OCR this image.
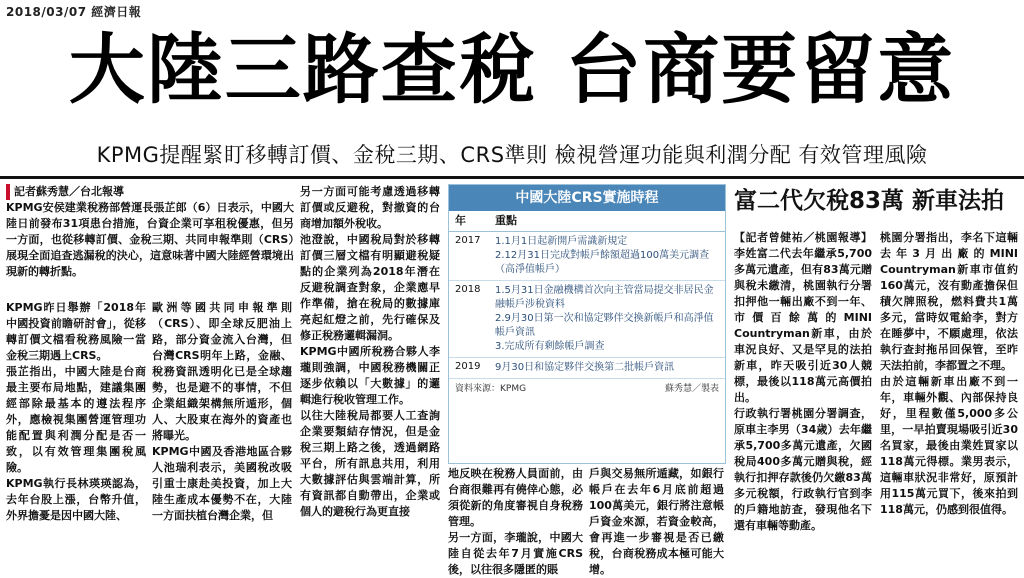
2018/03/07 經濟日報
大陸三路查稅 台商要留意
KPMG提醒緊盯移轉訂價、金稅三期、CRS準則 檢視營運功能與利潤分配 有效管理風險
記者蘇秀慧／台北報導
KPMG安侯建業稅務部營運長張芷郎（6）日表示，中國大陸日前發布31項患台措施，台資企業可享租稅優惠，但另一方面，也從移轉訂價、金稅三期、共同申報準則（CRS）展現全面追查逃漏稅的決心，這意味著中國大陸經營環境出現新的轉折點。
KPMG昨日舉辦「2018年中國投資前瞻研討會」，從移轉訂價文檔看稅務風險一當金稅三期遇上CRS。
張芷指出，中國大陸是台商最主要布局地點，建議集團經部除最基本的遵法程序外，應檢視集團營運管理功能配置與利潤分配是否一致，以有效管理集團稅風險。
KPMG執行長林瑛瑛認為，去年台股上漲，台幣升值，外界擔憂是因中國大陸、
歐洲等國共同申報準則（CRS）、即全球反肥油上路，部分資金流入台灣，但台灣CRS明年上路，金融、稅務資訊透明化已是全球趨勢，也是避不的事情，不但企業組織架構無所遁形，個人、大股東在海外的資產也將曝光。
KPMG中國及香港地區合夥人池瑞利表示，美國稅改吸引重士康赴美投資，加上大陸生產成本優勢不在，大陸一方面扶植台灣企業，但
另一方面可能考慮透過移轉訂價或反避稅，對撤資的台商增加額外稅收。
池澄說，中國稅局對於移轉訂價三層文檔有明顯避稅疑點的企業列為2018年潛在反避稅調查對象，企業應早作準備，搶在稅局的數據庫亮起紅燈之前，先行確保及修正稅務邏輯漏洞。
KPMG中國所稅務合夥人李瓏則強調，中國稅務機關正逐步依賴以「大數據」的邏輯進行稅收管理工作。
以往大陸稅局都要人工查詢企業要類結存情況，但是金稅三期上路之後，透過網路平台，所有訊息共用，利用大數據評估與雲端計算，所有資訊都自動帶出，企業或個人的避稅行為更直接
地反映在稅務人員面前，由台商很難再有僥倖心態，必須從新的角度審視自身稅務管理。
另一方面，李瓏說，中國大陸自從去年7月實施CRS後，以往很多隱匿的賬
戶與交易無所遁藏，如銀行帳戶在去年6月底前超過100萬美元，銀行將注意帳戶資金來源，若資金較高，會再進一步審視是否已繳稅，台商稅務成本極可能大增。
中國大陸CRS實施時程
年	重點
2017	1.1月1日起新開戶需識新規定
2.12月31日完成對帳戶餘額超過100萬美元調查（高淨值帳戶）
2018	1.5月31日金融機構首次向主管當局提交非居民金融帳戶涉稅資料
2.9月30日第一次和協定夥伴交換新帳戶和高淨值帳戶資訊
3.完成所有剩餘帳戶調查
2019	9月30日和協定夥伴交換第二批帳戶資訊
資料來源：KPMG	蘇秀慧／製表
富二代欠稅83萬 新車法拍
【記者曾健祐／桃園報導】李姓富二代去年繼承5,700多萬元遺產，但有83萬元贈與稅未繳清，桃園執行分署扣押他一輛出廠不到一年、市價百餘萬的MINI Countryman新車，由於車況良好、又是罕見的法拍新車，昨天吸引近30人競標，最後以118萬元高價拍出。
行政執行署桃園分署調查，原車主李男（34歲）去年繼承5,700多萬元遺產，欠國稅局400多萬元贈與稅，經執行扣押存款後仍欠繳83萬多元稅額，行政執行官到李的戶籍地訪查，發現他名下還有車輛等動產。
桃園分署指出，李名下這輛去年3月出廠的MINI Countryman新車市值約160萬元，沒有動產擔保但積欠牌照稅，燃料費共1萬多元，當時奴電給李，對方在睡夢中，不願處理，依法執行查封拖吊回保管，至昨天法拍前，李都置之不理。
由於這輛新車出廠不到一年，車輛外觀、內部保持良好，里程數僅5,000多公里，一早拍賣現場吸引近30名買家，最後由業姓買家以118萬元得標。業男表示，這輛車狀況非常好，原預計用115萬元買下，後來拍到118萬元，仍感到很值得。
